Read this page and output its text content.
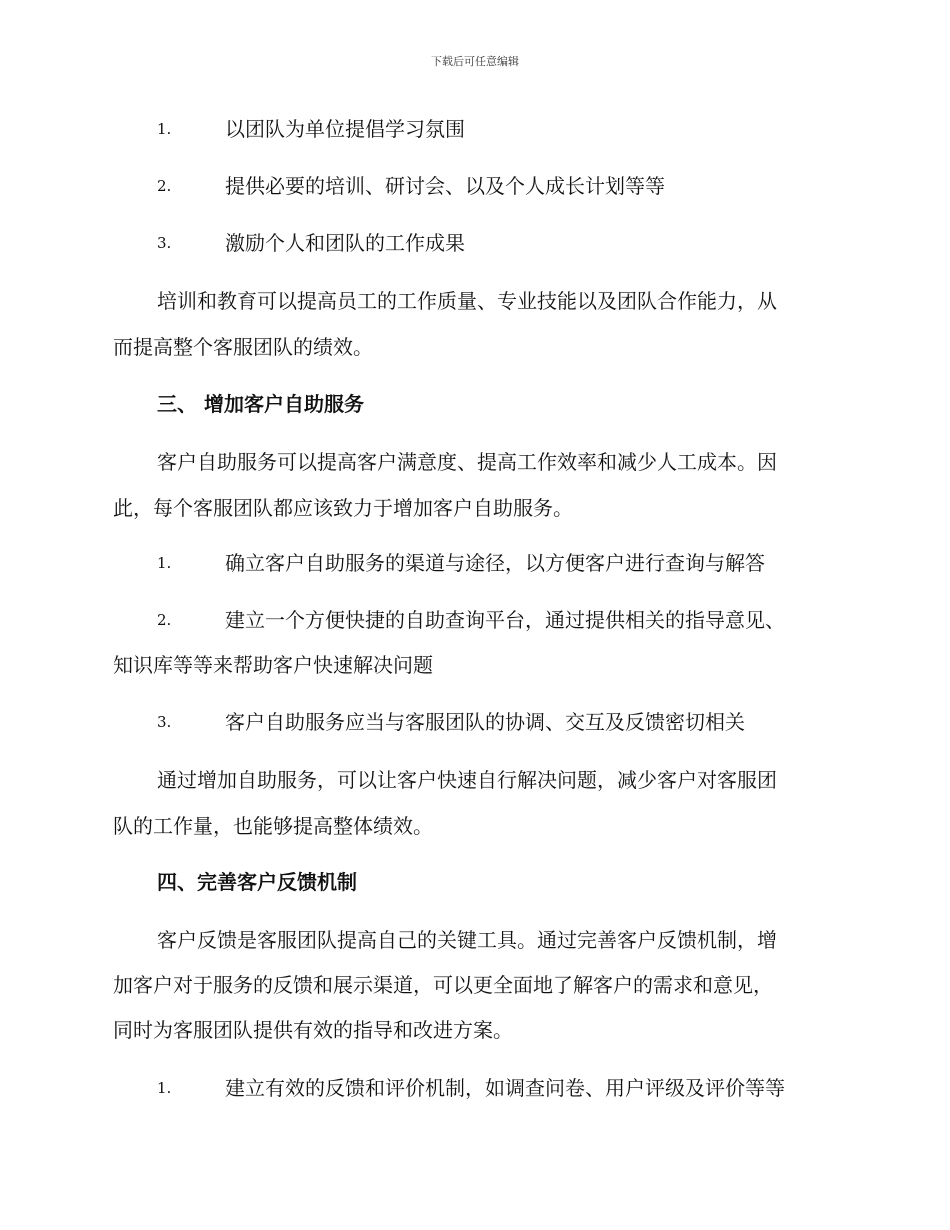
下载后可任意编辑
1.	以团队为单位提倡学习氛围
2.	提供必要的培训、研讨会、以及个人成长计划等等
3.	激励个人和团队的工作成果
培训和教育可以提高员工的工作质量、专业技能以及团队合作能力，从
而提高整个客服团队的绩效。
三、 增加客户自助服务
客户自助服务可以提高客户满意度、提高工作效率和减少人工成本。因
此，每个客服团队都应该致力于增加客户自助服务。
1.	确立客户自助服务的渠道与途径，以方便客户进行查询与解答
2.	建立一个方便快捷的自助查询平台，通过提供相关的指导意见、
知识库等等来帮助客户快速解决问题
3.	客户自助服务应当与客服团队的协调、交互及反馈密切相关
通过增加自助服务，可以让客户快速自行解决问题，减少客户对客服团
队的工作量，也能够提高整体绩效。
四、完善客户反馈机制
客户反馈是客服团队提高自己的关键工具。通过完善客户反馈机制，增
加客户对于服务的反馈和展示渠道，可以更全面地了解客户的需求和意见，
同时为客服团队提供有效的指导和改进方案。
1.	建立有效的反馈和评价机制，如调查问卷、用户评级及评价等等
